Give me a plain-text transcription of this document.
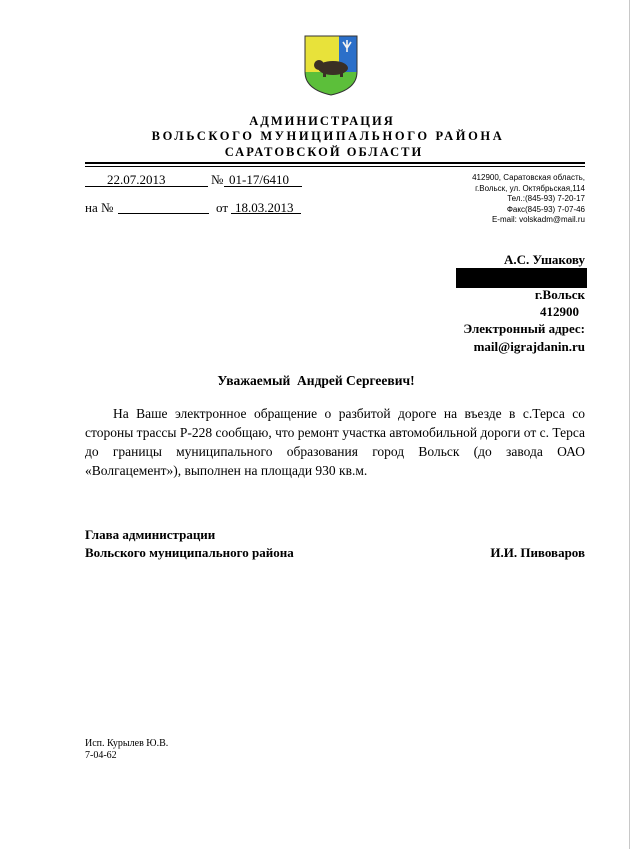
АДМИНИСТРАЦИЯ
ВОЛЬСКОГО МУНИЦИПАЛЬНОГО РАЙОНА
САРАТОВСКОЙ ОБЛАСТИ
22.07.2013	№ 01-17/6410
на №	от 18.03.2013
412900, Саратовская область,
г.Вольск, ул. Октябрьская,114
Тел.:(845-93) 7-20-17
Факс(845-93) 7-07-46
E-mail: volskadm@mail.ru
А.С. Ушакову
г.Вольск
412900
Электронный адрес:
mail@igrajdanin.ru
Уважаемый  Андрей Сергеевич!
На Ваше электронное обращение о разбитой дороге на въезде в с.Терса со стороны трассы Р-228 сообщаю, что ремонт участка автомобильной дороги от с. Терса до границы муниципального образования город Вольск (до завода ОАО «Волгацемент»), выполнен на площади 930 кв.м.
Глава администрации
Вольского муниципального района	И.И. Пивоваров
Исп. Курылев Ю.В.
7-04-62
